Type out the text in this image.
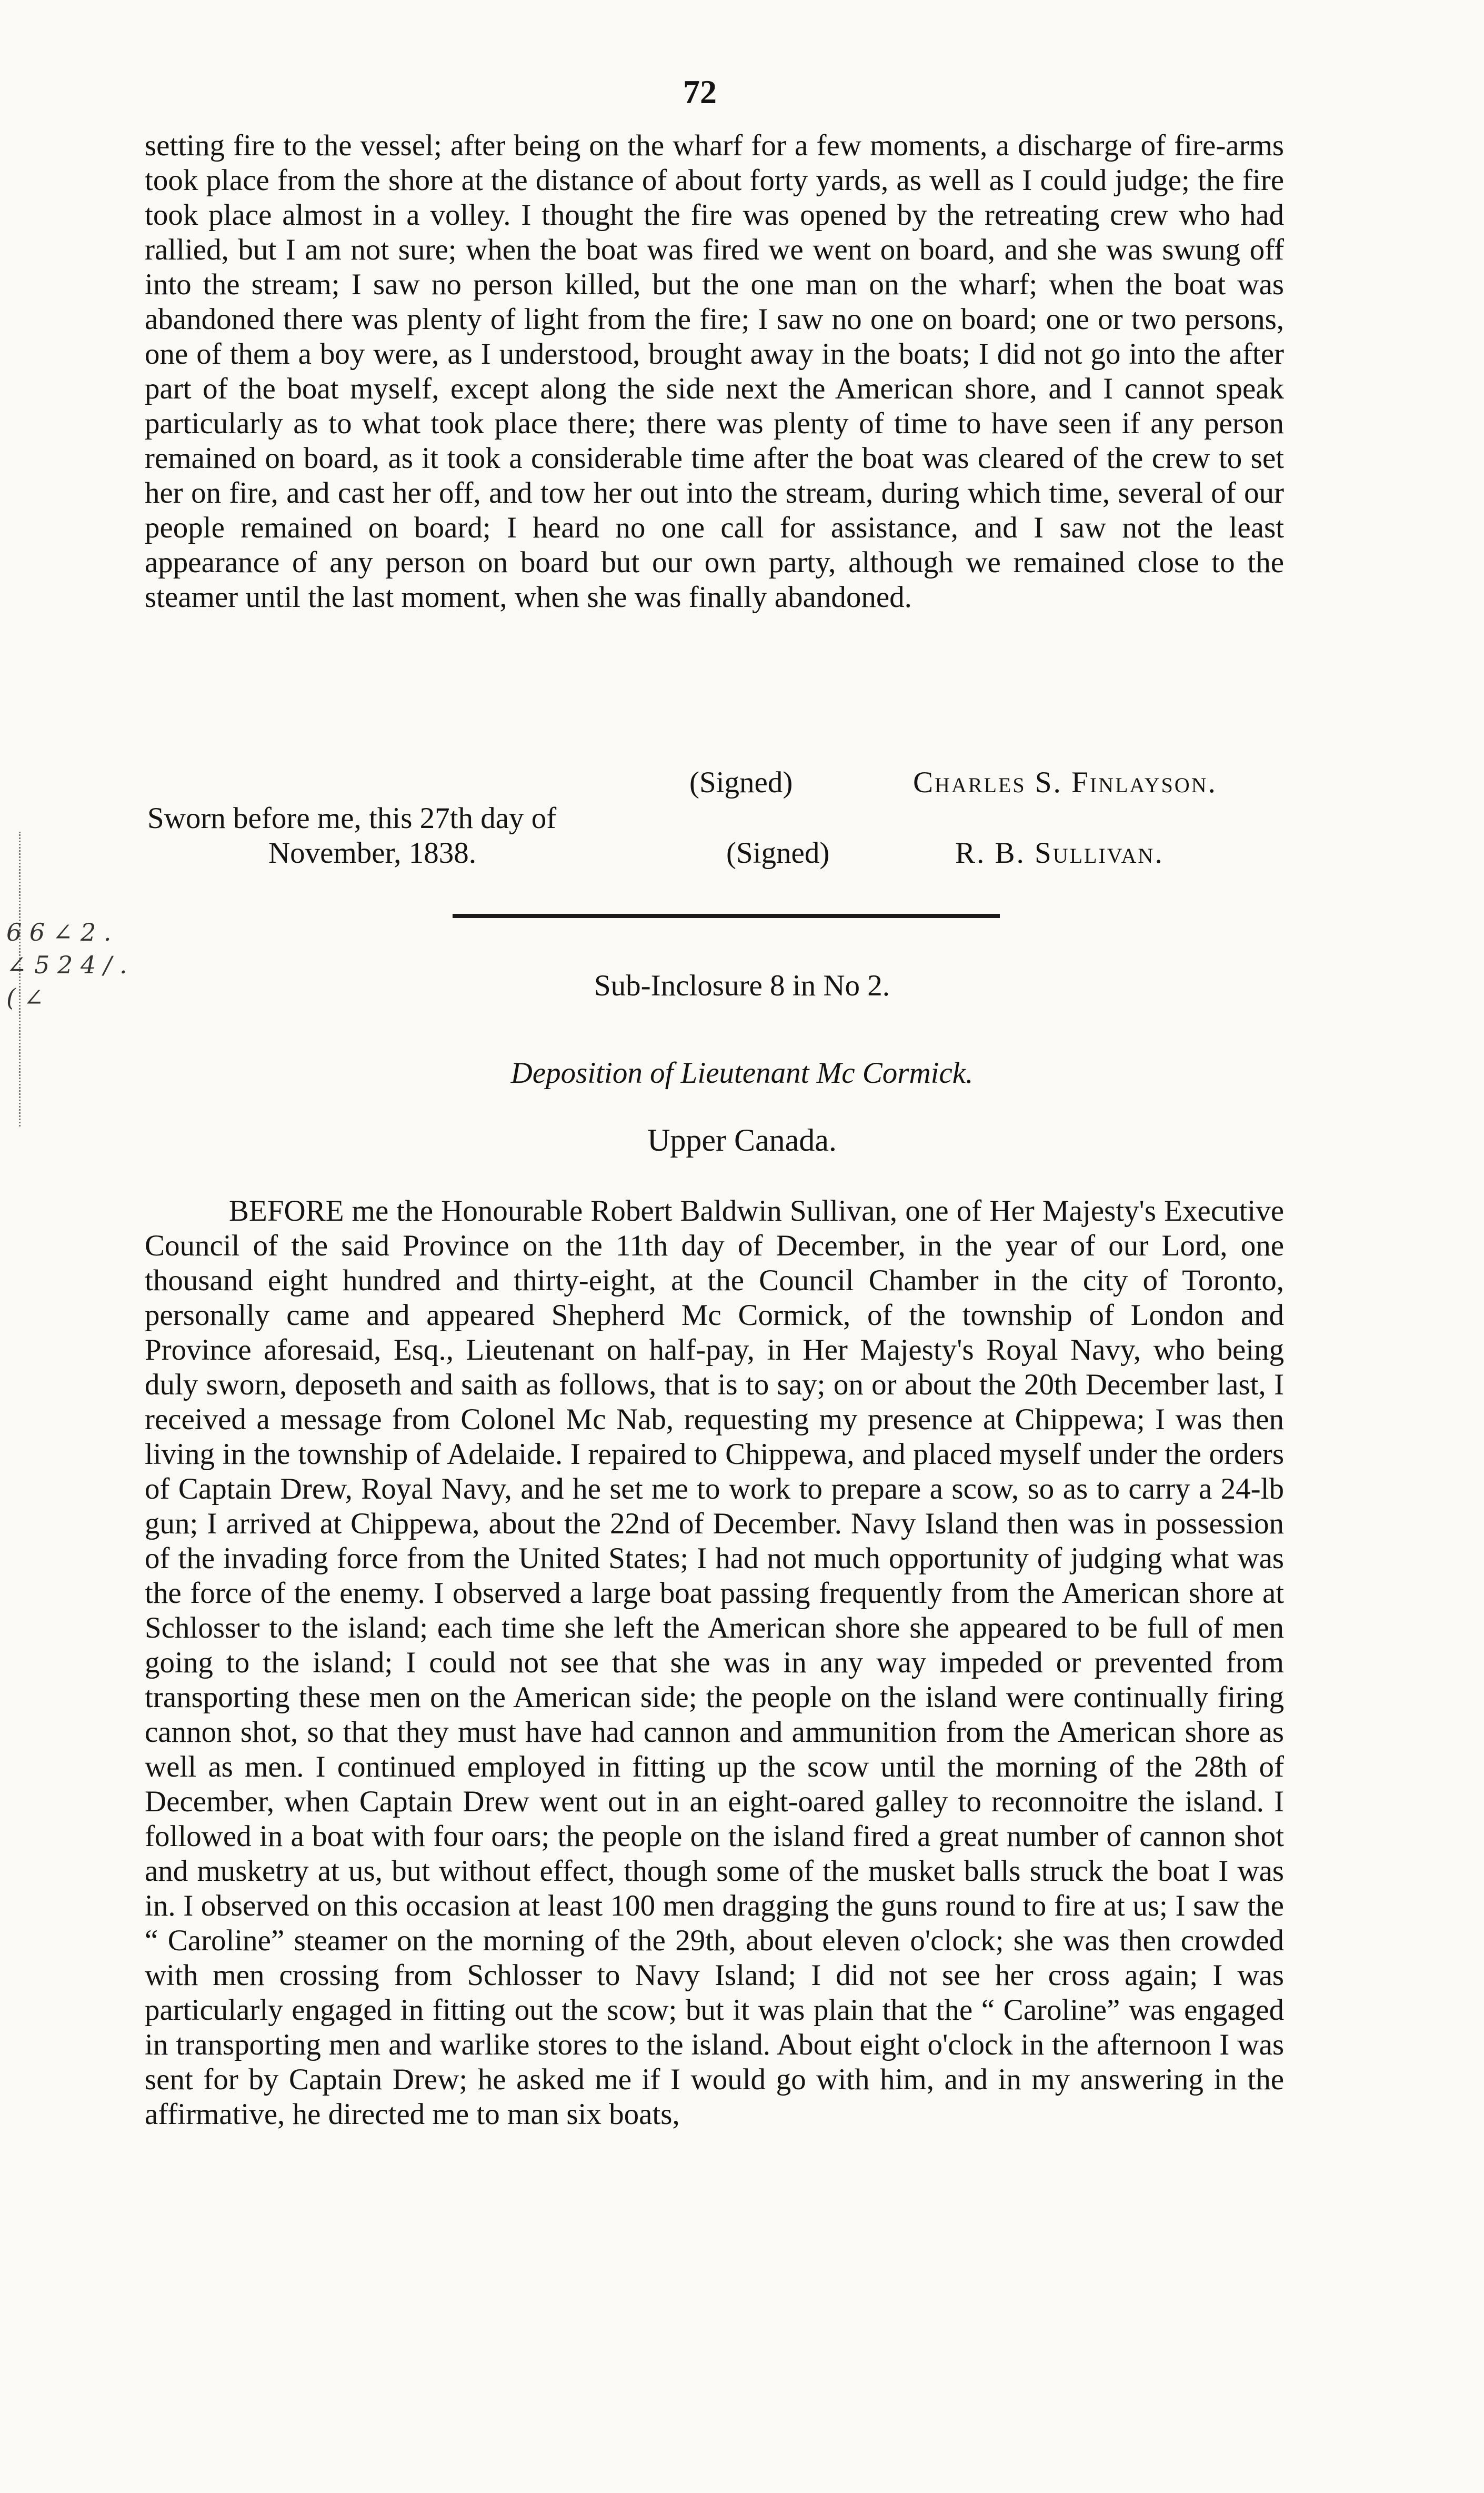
72

setting fire to the vessel; after being on the wharf for a few moments, a discharge of fire-arms took place from the shore at the distance of about forty yards, as well as I could judge; the fire took place almost in a volley. I thought the fire was opened by the retreating crew who had rallied, but I am not sure; when the boat was fired we went on board, and she was swung off into the stream; I saw no person killed, but the one man on the wharf; when the boat was abandoned there was plenty of light from the fire; I saw no one on board; one or two persons, one of them a boy were, as I understood, brought away in the boats; I did not go into the after part of the boat myself, except along the side next the American shore, and I cannot speak particularly as to what took place there; there was plenty of time to have seen if any person remained on board, as it took a considerable time after the boat was cleared of the crew to set her on fire, and cast her off, and tow her out into the stream, during which time, several of our people remained on board; I heard no one call for assistance, and I saw not the least appearance of any person on board but our own party, although we remained close to the steamer until the last moment, when she was finally abandoned.

(Signed)	Charles S. Finlayson.
Sworn before me, this 27th day of
November, 1838.	(Signed)	R. B. Sullivan.
6 6 ∠ 2 . ∠ 5 2 4 / . ( ∠	Sub-Inclosure 8 in No 2.
Deposition of Lieutenant Mc Cormick.
Upper Canada.

BEFORE me the Honourable Robert Baldwin Sullivan, one of Her Majesty's Executive Council of the said Province on the 11th day of December, in the year of our Lord, one thousand eight hundred and thirty-eight, at the Council Chamber in the city of Toronto, personally came and appeared Shepherd Mc Cormick, of the township of London and Province aforesaid, Esq., Lieutenant on half-pay, in Her Majesty's Royal Navy, who being duly sworn, deposeth and saith as follows, that is to say; on or about the 20th December last, I received a message from Colonel Mc Nab, requesting my presence at Chippewa; I was then living in the township of Adelaide. I repaired to Chippewa, and placed myself under the orders of Captain Drew, Royal Navy, and he set me to work to prepare a scow, so as to carry a 24-lb gun; I arrived at Chippewa, about the 22nd of December. Navy Island then was in possession of the invading force from the United States; I had not much opportunity of judging what was the force of the enemy. I observed a large boat passing frequently from the American shore at Schlosser to the island; each time she left the American shore she appeared to be full of men going to the island; I could not see that she was in any way impeded or prevented from transporting these men on the American side; the people on the island were continually firing cannon shot, so that they must have had cannon and ammunition from the American shore as well as men. I continued employed in fitting up the scow until the morning of the 28th of December, when Captain Drew went out in an eight-oared galley to reconnoitre the island. I followed in a boat with four oars; the people on the island fired a great number of cannon shot and musketry at us, but without effect, though some of the musket balls struck the boat I was in. I observed on this occasion at least 100 men dragging the guns round to fire at us; I saw the “ Caroline” steamer on the morning of the 29th, about eleven o'clock; she was then crowded with men crossing from Schlosser to Navy Island; I did not see her cross again; I was particularly engaged in fitting out the scow; but it was plain that the “ Caroline” was engaged in transporting men and warlike stores to the island. About eight o'clock in the afternoon I was sent for by Captain Drew; he asked me if I would go with him, and in my answering in the affirmative, he directed me to man six boats,
